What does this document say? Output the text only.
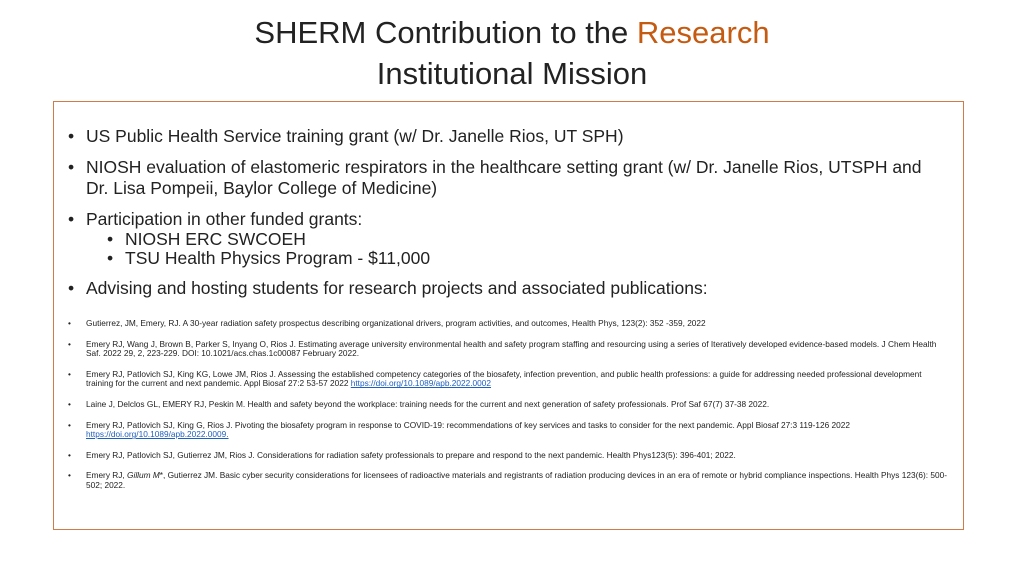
SHERM Contribution to the Research
Institutional Mission
• US Public Health Service training grant (w/ Dr. Janelle Rios, UT SPH)
• NIOSH evaluation of elastomeric respirators in the healthcare setting grant (w/ Dr. Janelle Rios, UTSPH and Dr. Lisa Pompeii, Baylor College of Medicine)
• Participation in other funded grants:
• NIOSH ERC SWCOEH
• TSU Health Physics Program - $11,000
• Advising and hosting students for research projects and associated publications:
• Gutierrez, JM, Emery, RJ. A 30-year radiation safety prospectus describing organizational drivers, program activities, and outcomes, Health Phys, 123(2): 352 -359, 2022
• Emery RJ, Wang J, Brown B, Parker S, Inyang O, Rios J. Estimating average university environmental health and safety program staffing and resourcing using a series of Iteratively developed evidence-based models. J Chem Health Saf. 2022 29, 2, 223-229. DOI: 10.1021/acs.chas.1c00087 February 2022.
• Emery RJ, Patlovich SJ, King KG, Lowe JM, Rios J. Assessing the established competency categories of the biosafety, infection prevention, and public health professions: a guide for addressing needed professional development training for the current and next pandemic. Appl Biosaf 27:2 53-57 2022 https://doi.org/10.1089/apb.2022.0002
• Laine J, Delclos GL, EMERY RJ, Peskin M. Health and safety beyond the workplace: training needs for the current and next generation of safety professionals. Prof Saf 67(7) 37-38 2022.
• Emery RJ, Patlovich SJ, King G, Rios J. Pivoting the biosafety program in response to COVID-19: recommendations of key services and tasks to consider for the next pandemic. Appl Biosaf 27:3 119-126 2022 https://doi.org/10.1089/apb.2022.0009.
• Emery RJ, Patlovich SJ, Gutierrez JM, Rios J. Considerations for radiation safety professionals to prepare and respond to the next pandemic. Health Phys123(5): 396-401; 2022.
• Emery RJ, Gillum M*, Gutierrez JM. Basic cyber security considerations for licensees of radioactive materials and registrants of radiation producing devices in an era of remote or hybrid compliance inspections. Health Phys 123(6): 500-502; 2022.
